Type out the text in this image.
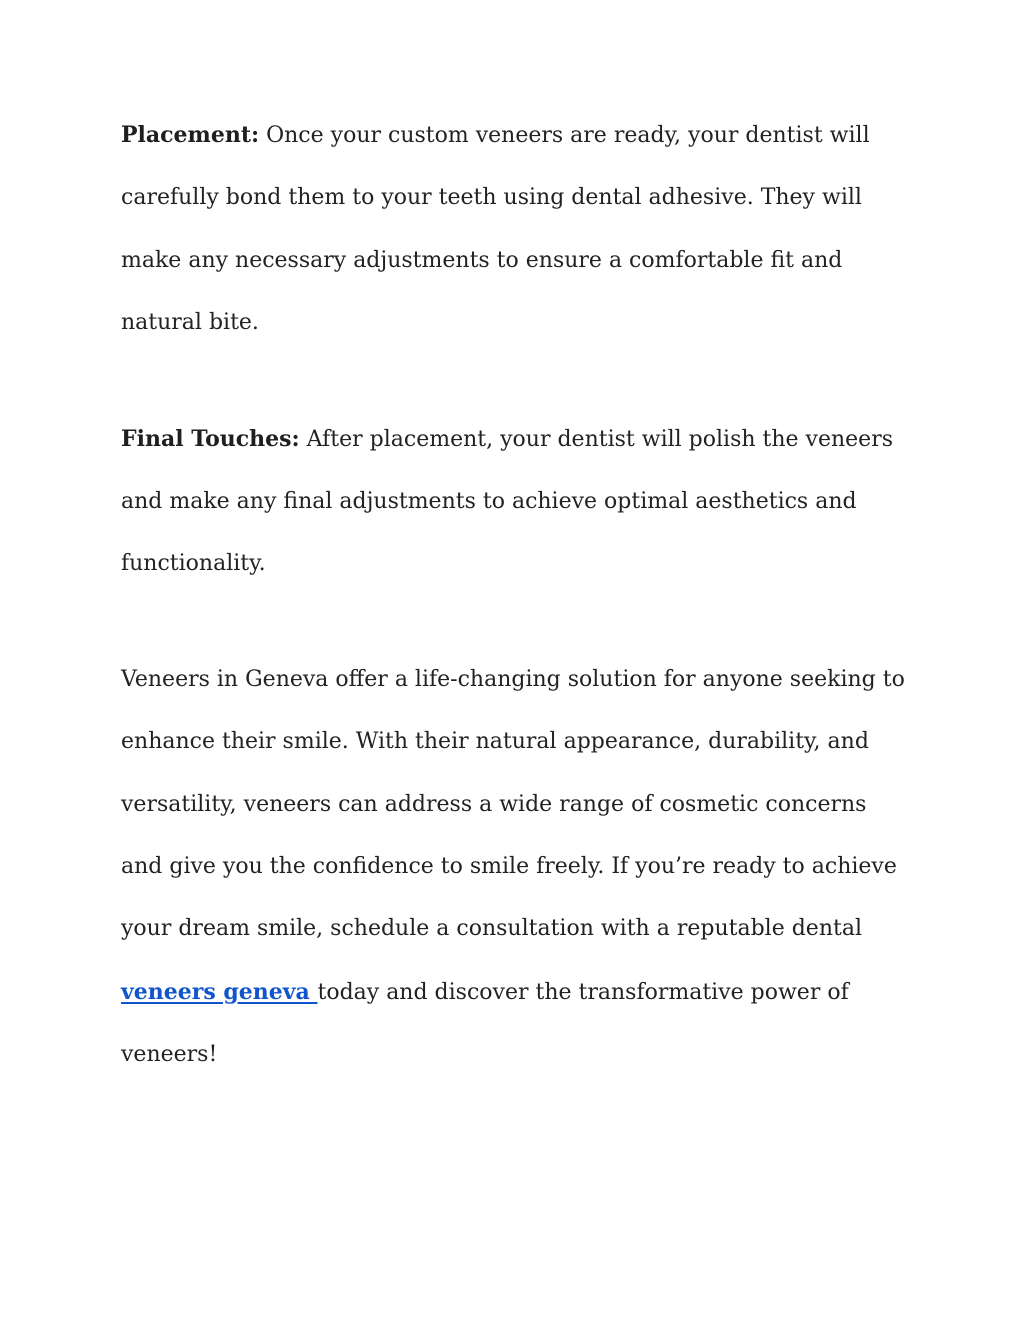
Placement: Once your custom veneers are ready, your dentist will carefully bond them to your teeth using dental adhesive. They will make any necessary adjustments to ensure a comfortable fit and natural bite.

Final Touches: After placement, your dentist will polish the veneers and make any final adjustments to achieve optimal aesthetics and functionality.

Veneers in Geneva offer a life-changing solution for anyone seeking to enhance their smile. With their natural appearance, durability, and versatility, veneers can address a wide range of cosmetic concerns and give you the confidence to smile freely. If you’re ready to achieve your dream smile, schedule a consultation with a reputable dental veneers geneva today and discover the transformative power of veneers!
